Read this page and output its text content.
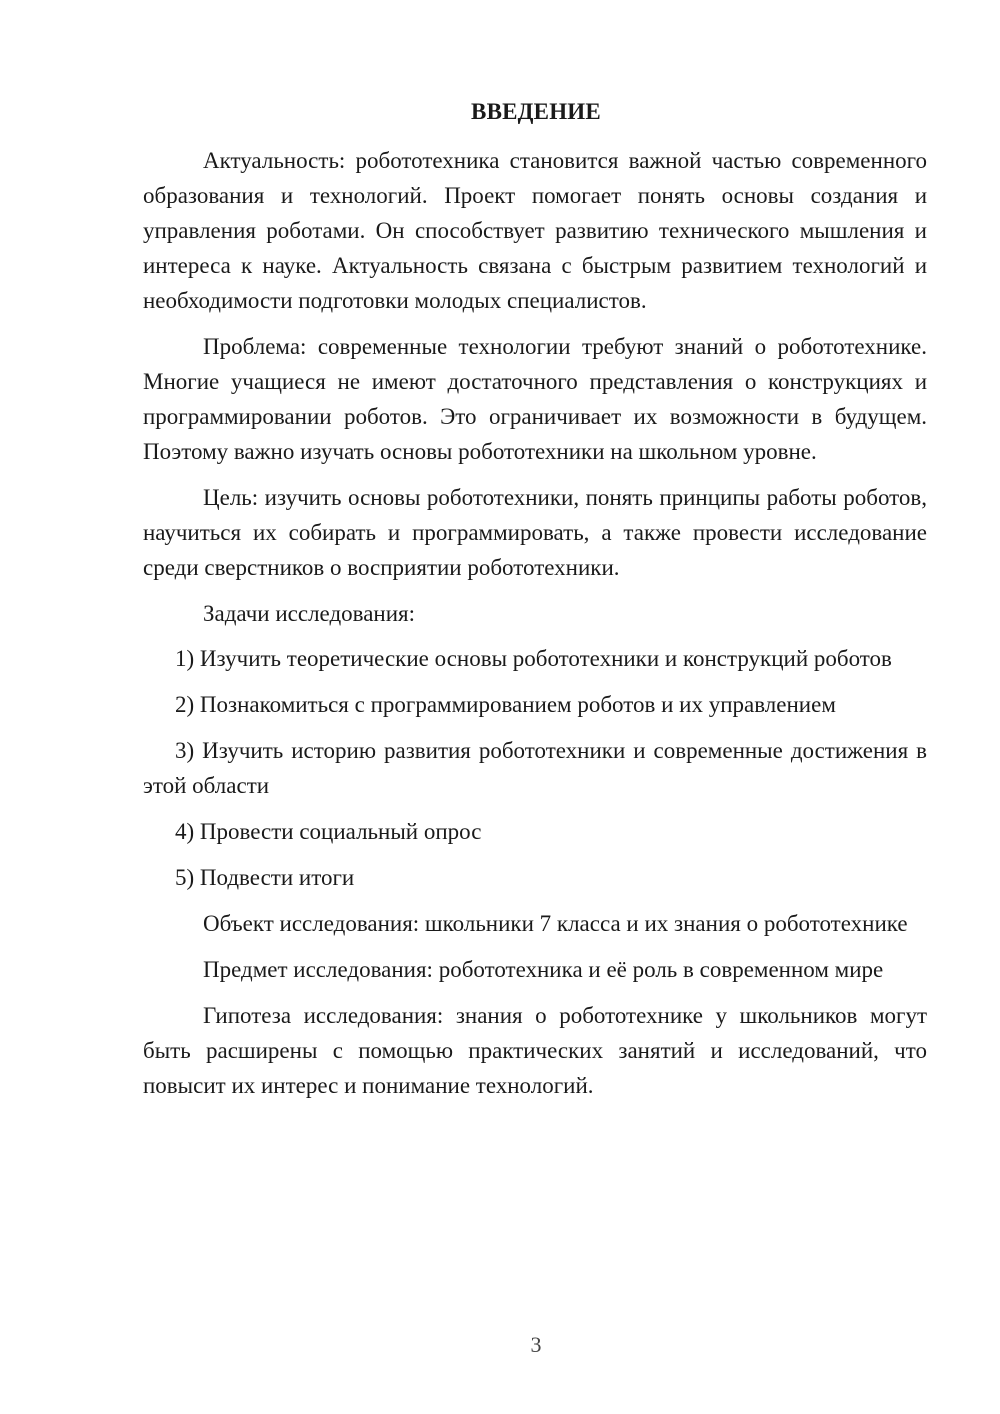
ВВЕДЕНИЕ

Актуальность: робототехника становится важной частью современного образования и технологий. Проект помогает понять основы создания и управления роботами. Он способствует развитию технического мышления и интереса к науке. Актуальность связана с быстрым развитием технологий и необходимости подготовки молодых специалистов.

Проблема: современные технологии требуют знаний о робототехнике. Многие учащиеся не имеют достаточного представления о конструкциях и программировании роботов. Это ограничивает их возможности в будущем. Поэтому важно изучать основы робототехники на школьном уровне.

Цель: изучить основы робототехники, понять принципы работы роботов, научиться их собирать и программировать, а также провести исследование среди сверстников о восприятии робототехники.

Задачи исследования:

1) Изучить теоретические основы робототехники и конструкций роботов

2) Познакомиться с программированием роботов и их управлением

3) Изучить историю развития робототехники и современные достижения в этой области

4) Провести социальный опрос

5) Подвести итоги

Объект исследования: школьники 7 класса и их знания о робототехнике

Предмет исследования: робототехника и её роль в современном мире

Гипотеза исследования: знания о робототехнике у школьников могут быть расширены с помощью практических занятий и исследований, что повысит их интерес и понимание технологий.

3
